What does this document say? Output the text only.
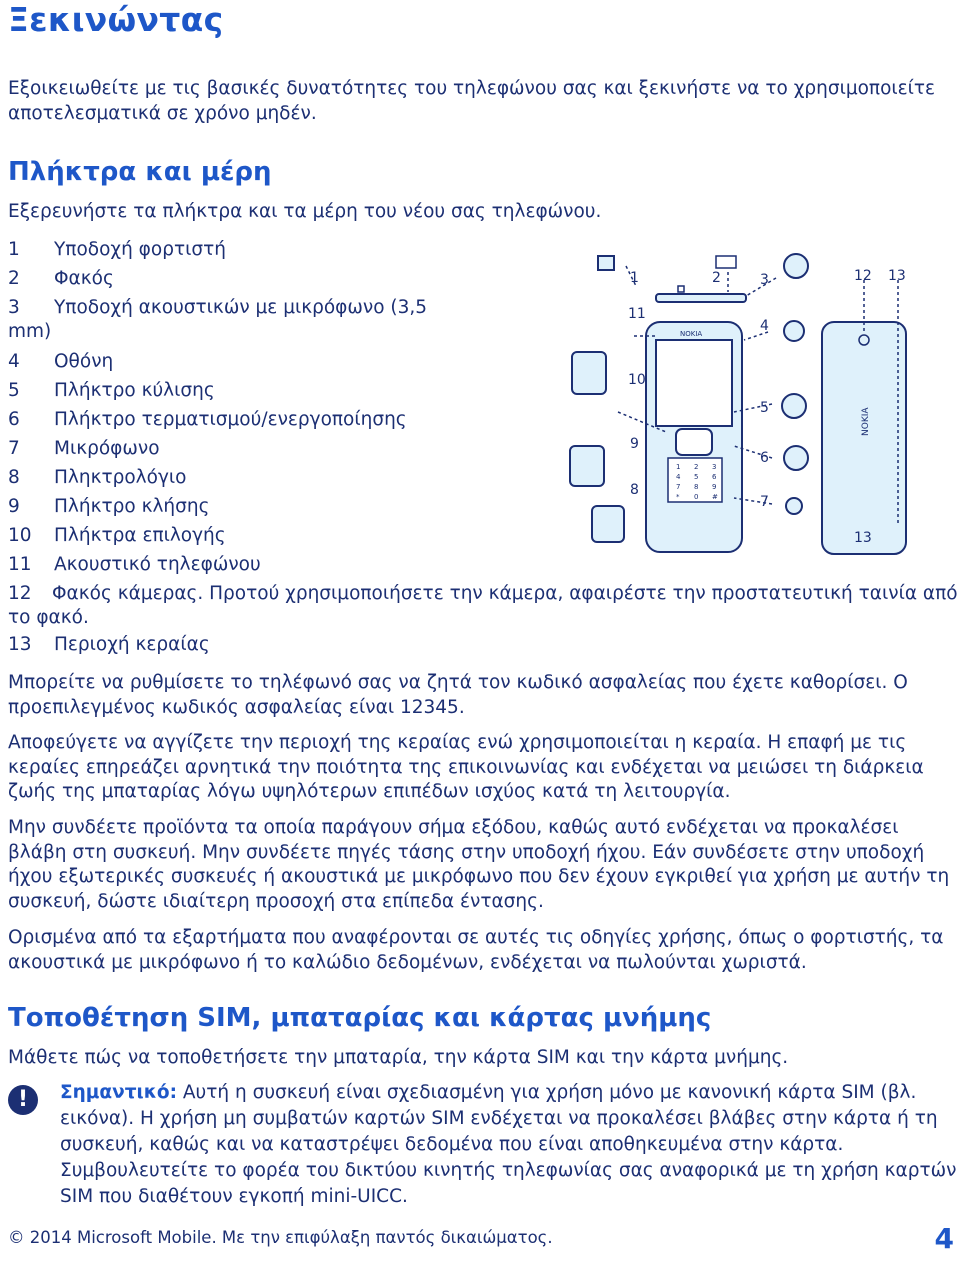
Ξεκινώντας

Εξοικειωθείτε με τις βασικές δυνατότητες του τηλεφώνου σας και ξεκινήστε να το χρησιμοποιείτε αποτελεσματικά σε χρόνο μηδέν.

Πλήκτρα και μέρη

Εξερευνήστε τα πλήκτρα και τα μέρη του νέου σας τηλεφώνου.

1 Υποδοχή φορτιστή
2 Φακός
3 Υποδοχή ακουστικών με μικρόφωνο (3,5 mm)
4 Οθόνη
5 Πλήκτρο κύλισης
6 Πλήκτρο τερματισμού/ενεργοποίησης
7 Μικρόφωνο
8 Πληκτρολόγιο
9 Πλήκτρο κλήσης
10 Πλήκτρα επιλογής
11 Ακουστικό τηλεφώνου
12 Φακός κάμερας. Προτού χρησιμοποιήσετε την κάμερα, αφαιρέστε την προστατευτική ταινία από το φακό.
13 Περιοχή κεραίας
1	2	3
4
5
6
7
8
9
10
11
12 13
13
NOKIA
NOKIA
1 2 3
4 5 6
7 8 9
* 0 #

Μπορείτε να ρυθμίσετε το τηλέφωνό σας να ζητά τον κωδικό ασφαλείας που έχετε καθορίσει. Ο προεπιλεγμένος κωδικός ασφαλείας είναι 12345.

Αποφεύγετε να αγγίζετε την περιοχή της κεραίας ενώ χρησιμοποιείται η κεραία. Η επαφή με τις κεραίες επηρεάζει αρνητικά την ποιότητα της επικοινωνίας και ενδέχεται να μειώσει τη διάρκεια ζωής της μπαταρίας λόγω υψηλότερων επιπέδων ισχύος κατά τη λειτουργία.

Μην συνδέετε προϊόντα τα οποία παράγουν σήμα εξόδου, καθώς αυτό ενδέχεται να προκαλέσει βλάβη στη συσκευή. Μην συνδέετε πηγές τάσης στην υποδοχή ήχου. Εάν συνδέσετε στην υποδοχή ήχου εξωτερικές συσκευές ή ακουστικά με μικρόφωνο που δεν έχουν εγκριθεί για χρήση με αυτήν τη συσκευή, δώστε ιδιαίτερη προσοχή στα επίπεδα έντασης.

Ορισμένα από τα εξαρτήματα που αναφέρονται σε αυτές τις οδηγίες χρήσης, όπως ο φορτιστής, τα ακουστικά με μικρόφωνο ή το καλώδιο δεδομένων, ενδέχεται να πωλούνται χωριστά.

Τοποθέτηση SIM, μπαταρίας και κάρτας μνήμης

Μάθετε πώς να τοποθετήσετε την μπαταρία, την κάρτα SIM και την κάρτα μνήμης.

!	Σημαντικό: Αυτή η συσκευή είναι σχεδιασμένη για χρήση μόνο με κανονική κάρτα SIM (βλ. εικόνα). Η χρήση μη συμβατών καρτών SIM ενδέχεται να προκαλέσει βλάβες στην κάρτα ή τη συσκευή, καθώς και να καταστρέψει δεδομένα που είναι αποθηκευμένα στην κάρτα. Συμβουλευτείτε το φορέα του δικτύου κινητής τηλεφωνίας σας αναφορικά με τη χρήση καρτών SIM που διαθέτουν εγκοπή mini-UICC.

© 2014 Microsoft Mobile. Με την επιφύλαξη παντός δικαιώματος.	4
